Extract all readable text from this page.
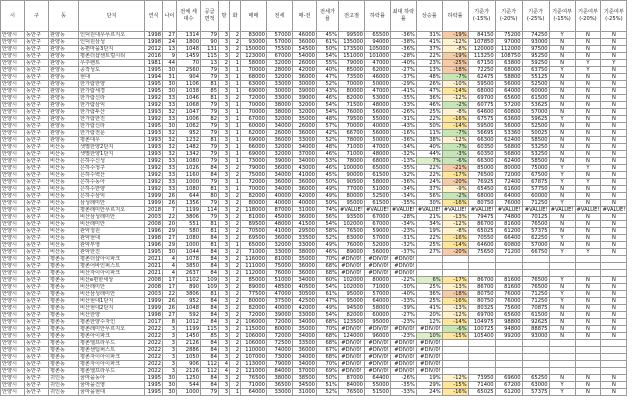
시	구	동	단지	연식	나이	전체 세대수	공급 면적	방	화	매매	전세	매-전	전세가율	전고점	하락률	최대 하락률	상승률	하락률	기준가 (-15%)	기준가 (-20%)	기준가 (-25%)	기준여부 (-15%)	기준여부 (-20%)	기준여부 (-25%)
안양시	동안구	관양동	인덕원대우푸르지오	1998	27	1314	79	3	2	83000	57000	46000	45%	99500	65500	-36%	31%	-19%	84150	75200	74250	Y	N	N
안양시	동안구	관양동	인덕원삼성	1998	24	1800	90	3	2	93000	57000	36000	61%	135000	94000	-38%	41%	-12%	107850	97000	93000	N	N	N
안양시	동안구	관양동	동편마을3단지	2012	13	1048	131	3	2	150000	75500	54500	50%	173500	105000	-36%	37%	-8%	120000	112000	97500	N	N	N
안양시	동안구	관양동	평촌더샵센트럴시티	2016	9	1459	115	3	2	123000	67000	54000	54%	151000	101000	-28%	22%	-19%	113250	108750	95250	N	N	N
안양시	동안구	관양동	우주펜트	1981	44	70	13	2	1	58000	32000	26000	55%	79000	47000	-40%	23%	-25%	67150	63800	59250	N	Y	Y
안양시	동안구	관양동	공작성도	1995	30	2560	79	3	1	70000	28000	42000	40%	85000	62000	-27%	13%	-18%	72250	68000	63750	Y	Y	N
안양시	동안구	관양동	현대	1994	31	904	79	3	1	68000	32000	36000	47%	73500	46000	-37%	48%	-7%	62475	58800	55125	N	N	N
안양시	동안구	관양동	한가람한양	1995	30	1106	81	3	1	63000	33000	30000	52%	70000	50000	-29%	26%	-10%	59500	56000	52500	N	N	N
안양시	동안구	관양동	한가람세경	1995	30	1038	85	3	1	69000	30000	39000	43%	80000	47000	-41%	47%	-14%	68000	64000	60000	N	N	N
안양시	동안구	관양동	한가람신라	1992	33	1046	81	3	2	72000	33000	39000	46%	82000	53000	-35%	36%	-12%	69700	65600	61500	N	N	N
안양시	동안구	관양동	한가람삼익	1992	33	1068	79	3	1	70000	38000	32000	54%	71500	48000	-33%	46%	-2%	60775	57200	53625	N	N	N
안양시	동안구	관양동	한가람두산	1993	32	1047	79	3	1	70000	38000	32000	54%	76000	56000	-26%	25%	-8%	64600	60800	57000	N	N	N
안양시	동안구	관양동	한가람한진	1992	33	1006	82	3	1	67000	32000	35000	48%	79500	55000	-31%	22%	-16%	67575	63600	59625	Y	N	N
안양시	동안구	관양동	한가람신라	1995	30	1062	79	3	1	60000	34000	26000	57%	70000	40000	-43%	50%	-14%	59500	56000	52500	N	N	N
안양시	동안구	관양동	한가람전문	1993	32	952	79	3	1	62000	26000	36000	42%	66700	56000	-16%	11%	-7%	56695	53360	50025	N	N	N
안양시	동안구	관양동	평촌대우	1993	32	1232	81	3	1	69000	36000	33000	52%	78000	50000	-36%	38%	-12%	66300	62400	58500	N	N	N
안양시	동안구	비산동	샛별한양2단지	1993	32	1482	79	3	1	66000	32000	34000	48%	71000	47000	-34%	40%	-7%	60350	56800	53250	N	N	N
안양시	동안구	비산동	샛별한양1단지	1993	32	1342	79	3	1	69000	32000	37000	46%	71000	48000	-32%	44%	-3%	60350	56800	53250	N	N	N
안양시	동안구	비산동	은하수신성	1992	33	1080	79	3	1	73000	39000	34000	53%	78000	68000	-13%	7%	-6%	66300	62400	58500	N	N	N
안양시	동안구	비산동	은하수청구	1992	33	1026	84	3	2	79000	36000	43000	46%	100000	65000	-35%	22%	-21%	85000	80000	75000	Y	Y	N
안양시	동안구	비산동	은하수벽산	1992	33	1160	84	3	2	75000	34000	41000	45%	90000	61500	-32%	22%	-17%	76500	72000	67500	Y	N	N
안양시	동안구	비산동	은하수동아	1992	33	1000	79	3	1	72000	36000	36000	50%	90500	58000	-36%	24%	-20%	76925	72400	67875	Y	Y	N
안양시	동안구	비산동	은하수한양	1992	33	1080	81	3	1	70000	34000	36000	49%	77000	51000	-34%	37%	-9%	65450	61600	57750	N	N	N
안양시	동안구	비산동	은하수삼익	1999	26	644	80	3	2	82000	40000	42000	49%	80000	52500	-34%	56%	-2%	68000	64000	60000	N	N	N
안양시	동안구	비산동	삼성래미안	1999	26	1356	79	3	2	80000	40000	40000	50%	95000	61500	-35%	30%	-16%	80750	76000	71250	Y	N	N
안양시	동안구	비산동	평촌래미안푸르지오	2018	7	1199	114	3	2	118000	87000	31000	74%	#VALUE!	#VALUE!	#VALUE!	#VALUE!	#VALUE!	#VALUE!	#VALUE!	#VALUE!	#VALUE!	#VALUE!	#VALUE!
안양시	동안구	비산동	비산삼성래미안	2003	22	3806	79	3	2	81000	45000	36000	56%	93500	67000	-28%	21%	-13%	79475	74800	70125	N	N	N
안양시	동안구	비산동	비산래미안	2008	20	551	81	3	2	89500	48000	41500	54%	102000	67000	-34%	34%	-12%	86700	81600	76500	N	N	N
안양시	동안구	비산동	관악청원	1996	29	580	81	3	2	70500	41000	29500	58%	76500	59000	-23%	19%	-8%	65025	61200	57375	N	N	N
안양시	동안구	비산동	관악현대	1998	27	1080	84	3	2	69500	36000	33500	52%	83000	57000	-31%	22%	-16%	70550	66400	62250	Y	N	N
안양시	동안구	비산동	관악부영	1996	29	1000	81	3	1	65000	32000	33000	49%	76000	52000	-32%	25%	-14%	64600	60800	57000	N	N	N
안양시	동안구	비산동	관악한진	1995	30	1044	84	3	2	71000	33000	38000	46%	89000	56000	-37%	27%	-20%	75650	71200	66750	Y	Y	N
안양시	동안구	평촌동	평촌더샵아이파크	2021	4	1078	84	3	2	116000	81000	35000	70%	#DIV/0!	#DIV/0!	#DIV/0!								
안양시	동안구	평촌동	평촌어바인퍼스트	2021	4	3850	84	3	2	111000	75000	36000	68%	#DIV/0!	#DIV/0!	#DIV/0!								
안양시	동안구	평촌동	비산자이아이파크	2021	4	2637	84	3	2	112000	76000	36000	68%	#DIV/0!	#DIV/0!	#DIV/0!								
안양시	동안구	평촌동	비산e편한세상	2008	17	1102	109	3	2	85000	51000	34000	60%	102000	80000	-22%	6%	-17%	86700	81600	76500	Y	N	N
안양시	동안구	평촌동	비산래미안	2008	17	890	109	3	2	89000	48500	40500	54%	102000	71000	-30%	25%	-13%	86700	81600	76500	N	N	N
안양시	동안구	평촌동	비산삼성래미안	2003	22	3806	81	3	2	77500	47000	30500	61%	95000	57000	-40%	36%	-18%	80750	76000	71250	Y	N	N
안양시	동안구	평촌동	비산현대1단지	1999	26	952	84	3	2	80000	37500	42500	47%	95000	64000	-33%	25%	-16%	80750	76000	71250	Y	N	N
안양시	동안구	평촌동	비산현대2단지	1999	26	1048	84	3	2	82000	40000	42000	49%	94500	58000	-39%	41%	-13%	80325	75600	70875	N	N	N
안양시	동안구	평촌동	비산한양	1998	27	592	84	3	2	72000	39000	33000	54%	82000	60000	-27%	20%	-12%	69700	65600	61500	N	N	N
안양시	동안구	평촌동	평촌한양수자인	2017	8	1012	84	3	2	106000	72000	34000	68%	123500	95000	-23%	12%	-14%	104975	98800	92625	N	N	N
안양시	동안구	평촌동	평촌래미안푸르지오	2022	3	1199	115	3	2	115000	80000	35000	70%	#DIV/0!	#DIV/0!	#DIV/0!	#DIV/0!	-6%	100725	94800	88875	N	N	N
안양시	동안구	평촌동	평촌아이파크	2022	3	1450	85	3	2	106000	72000	34000	68%	124000	96000	-23%	10%	-15%	105400	99200	93000	N	N	N
안양시	동안구	평촌동	평촌엘프라우드	2022	3	2126	84	3	2	106000	72500	33500	68%	#DIV/0!	#DIV/0!	#DIV/0!	#DIV/0!							
안양시	동안구	평촌동	평촌센텀퍼스트	2022	3	2886	84	3	2	110000	74000	36000	67%	#DIV/0!	#DIV/0!	#DIV/0!	#DIV/0!							
안양시	동안구	평촌동	평촌자이아이파크	2022	3	1050	84	3	2	107000	73000	34000	68%	#DIV/0!	#DIV/0!	#DIV/0!	#DIV/0!							
안양시	동안구	평촌동	평촌자이아이파크	2022	3	906	112	4	2	113000	79000	34000	70%	#DIV/0!	#DIV/0!	#DIV/0!	#DIV/0!							
안양시	동안구	평촌동	평촌엘프라우드	2022	3	2126	112	4	2	121000	84000	37000	69%	#DIV/0!	#DIV/0!	#DIV/0!	#DIV/0!							
안양시	동안구	귀인동	꿈마을동아	1995	30	1250	84	3	2	76500	38000	38500	50%	87000	64400	-26%	19%	-12%	73950	69600	65250	N	N	N
안양시	동안구	귀인동	꿈마을건영	1995	30	544	84	3	2	71000	36500	34500	51%	84000	55000	-35%	29%	-15%	71400	67200	63000	Y	N	N
안양시	동안구	귀인동	꿈마을현대	1995	30	1000	79	3	1	64000	33000	31000	52%	76500	51500	-33%	24%	-16%	65025	61200	57375	Y	N	N
